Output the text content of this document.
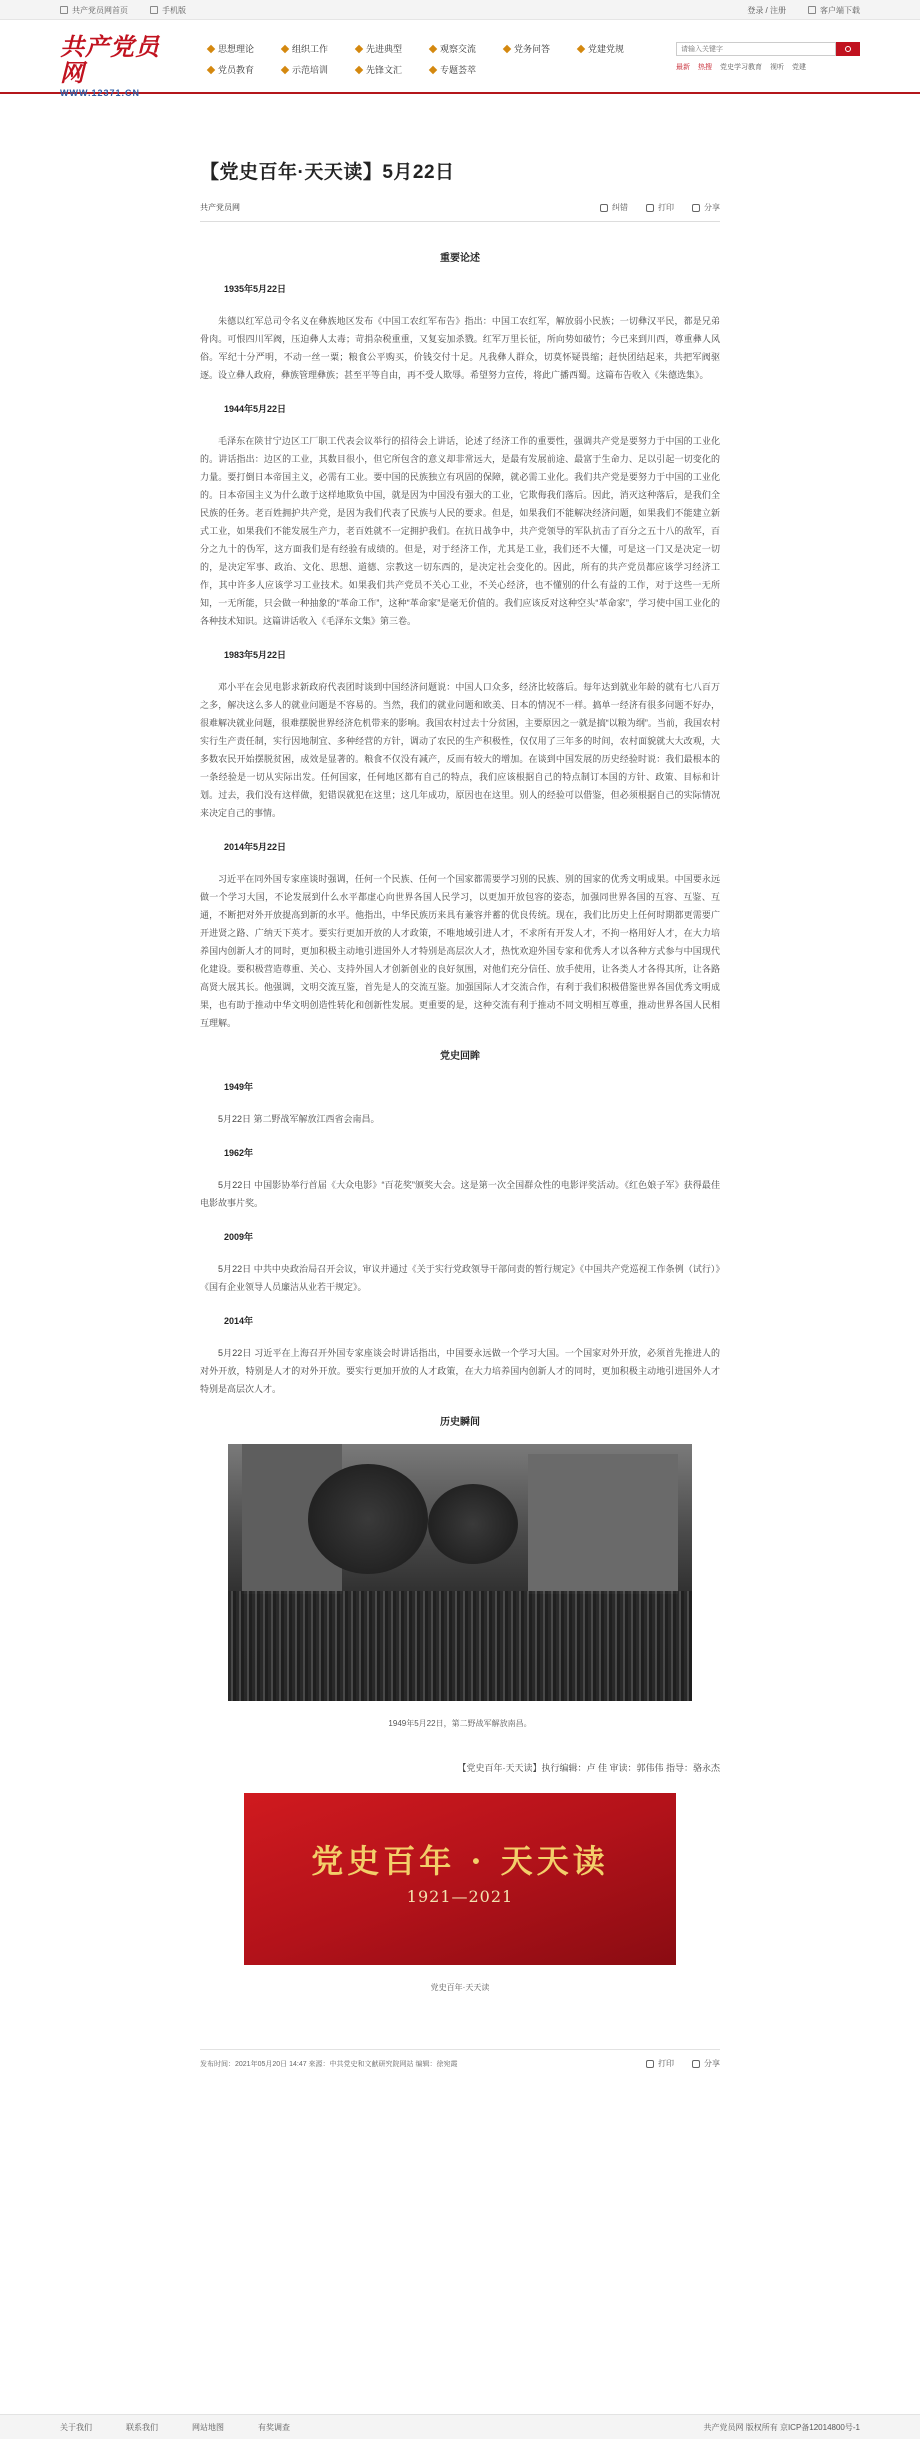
共产党员网首页	手机版	登录 / 注册	客户端下载
共产党员网
WWW.12371.CN
思想理论	组织工作	先进典型	观察交流	党务问答	党建党规
党员教育	示范培训	先锋文汇	专题荟萃
请输入关键字	最新 热搜 党史学习教育 视听 党建
【党史百年·天天读】5月22日
共产党员网	纠错	打印	分享
重要论述
1935年5月22日

朱德以红军总司令名义在彝族地区发布《中国工农红军布告》指出：中国工农红军，解放弱小民族；一切彝汉平民，都是兄弟骨肉。可恨四川军阀，压迫彝人太毒；苛捐杂税重重，又复妄加杀戮。红军万里长征，所向势如破竹；今已来到川西，尊重彝人风俗。军纪十分严明，不动一丝一粟；粮食公平购买，价钱交付十足。凡我彝人群众，切莫怀疑畏缩；赶快团结起来，共把军阀驱逐。设立彝人政府，彝族管理彝族；甚至平等自由，再不受人欺辱。希望努力宣传，将此广播西蜀。这篇布告收入《朱德选集》。

1944年5月22日

毛泽东在陕甘宁边区工厂职工代表会议举行的招待会上讲话，论述了经济工作的重要性，强调共产党是要努力于中国的工业化的。讲话指出：边区的工业，其数目很小，但它所包含的意义却非常远大，是最有发展前途、最富于生命力、足以引起一切变化的力量。要打倒日本帝国主义，必需有工业。要中国的民族独立有巩固的保障，就必需工业化。我们共产党是要努力于中国的工业化的。日本帝国主义为什么敢于这样地欺负中国，就是因为中国没有强大的工业，它欺侮我们落后。因此，消灭这种落后，是我们全民族的任务。老百姓拥护共产党，是因为我们代表了民族与人民的要求。但是，如果我们不能解决经济问题，如果我们不能建立新式工业，如果我们不能发展生产力，老百姓就不一定拥护我们。在抗日战争中，共产党领导的军队抗击了百分之五十八的敌军，百分之九十的伪军，这方面我们是有经验有成绩的。但是，对于经济工作，尤其是工业，我们还不大懂，可是这一门又是决定一切的，是决定军事、政治、文化、思想、道德、宗教这一切东西的，是决定社会变化的。因此，所有的共产党员都应该学习经济工作，其中许多人应该学习工业技术。如果我们共产党员不关心工业，不关心经济，也不懂别的什么有益的工作，对于这些一无所知，一无所能，只会做一种抽象的“革命工作”，这种“革命家”是毫无价值的。我们应该反对这种空头“革命家”，学习使中国工业化的各种技术知识。这篇讲话收入《毛泽东文集》第三卷。

1983年5月22日

邓小平在会见电影求新政府代表团时谈到中国经济问题说：中国人口众多，经济比较落后。每年达到就业年龄的就有七八百万之多，解决这么多人的就业问题是不容易的。当然，我们的就业问题和欧美、日本的情况不一样。搞单一经济有很多问题不好办，很难解决就业问题，很难摆脱世界经济危机带来的影响。我国农村过去十分贫困，主要原因之一就是搞“以粮为纲”。当前，我国农村实行生产责任制，实行因地制宜、多种经营的方针，调动了农民的生产积极性，仅仅用了三年多的时间，农村面貌就大大改观，大多数农民开始摆脱贫困，成效是显著的。粮食不仅没有减产，反而有较大的增加。在谈到中国发展的历史经验时说：我们最根本的一条经验是一切从实际出发。任何国家，任何地区都有自己的特点，我们应该根据自己的特点制订本国的方针、政策、目标和计划。过去，我们没有这样做，犯错误就犯在这里；这几年成功，原因也在这里。别人的经验可以借鉴，但必须根据自己的实际情况来决定自己的事情。

2014年5月22日

习近平在同外国专家座谈时强调，任何一个民族、任何一个国家都需要学习别的民族、别的国家的优秀文明成果。中国要永远做一个学习大国，不论发展到什么水平都虚心向世界各国人民学习，以更加开放包容的姿态，加强同世界各国的互容、互鉴、互通，不断把对外开放提高到新的水平。他指出，中华民族历来具有兼容并蓄的优良传统。现在，我们比历史上任何时期都更需要广开进贤之路、广纳天下英才。要实行更加开放的人才政策，不唯地域引进人才，不求所有开发人才，不拘一格用好人才，在大力培养国内创新人才的同时，更加积极主动地引进国外人才特别是高层次人才，热忱欢迎外国专家和优秀人才以各种方式参与中国现代化建设。要积极营造尊重、关心、支持外国人才创新创业的良好氛围，对他们充分信任、放手使用，让各类人才各得其所，让各路高贤大展其长。他强调，文明交流互鉴，首先是人的交流互鉴。加强国际人才交流合作，有利于我们积极借鉴世界各国优秀文明成果，也有助于推动中华文明创造性转化和创新性发展。更重要的是，这种交流有利于推动不同文明相互尊重，推动世界各国人民相互理解。

党史回眸
1949年

5月22日 第二野战军解放江西省会南昌。

1962年

5月22日 中国影协举行首届《大众电影》“百花奖”颁奖大会。这是第一次全国群众性的电影评奖活动。《红色娘子军》获得最佳电影故事片奖。

2009年

5月22日 中共中央政治局召开会议，审议并通过《关于实行党政领导干部问责的暂行规定》《中国共产党巡视工作条例（试行）》《国有企业领导人员廉洁从业若干规定》。

2014年

5月22日 习近平在上海召开外国专家座谈会时讲话指出，中国要永远做一个学习大国。一个国家对外开放，必须首先推进人的对外开放，特别是人才的对外开放。要实行更加开放的人才政策，在大力培养国内创新人才的同时，更加积极主动地引进国外人才特别是高层次人才。

历史瞬间
1949年5月22日，第二野战军解放南昌。
【党史百年·天天读】执行编辑：卢 佳 审读：郭伟伟 指导：骆永杰
党史百年 · 天天读
1921—2021
党史百年·天天读
发布时间：2021年05月20日 14:47 来源：中共党史和文献研究院网站 编辑：徐宛霞	打印	分享
关于我们	联系我们	网站地图	有奖调查	共产党员网 版权所有 京ICP备12014800号-1
